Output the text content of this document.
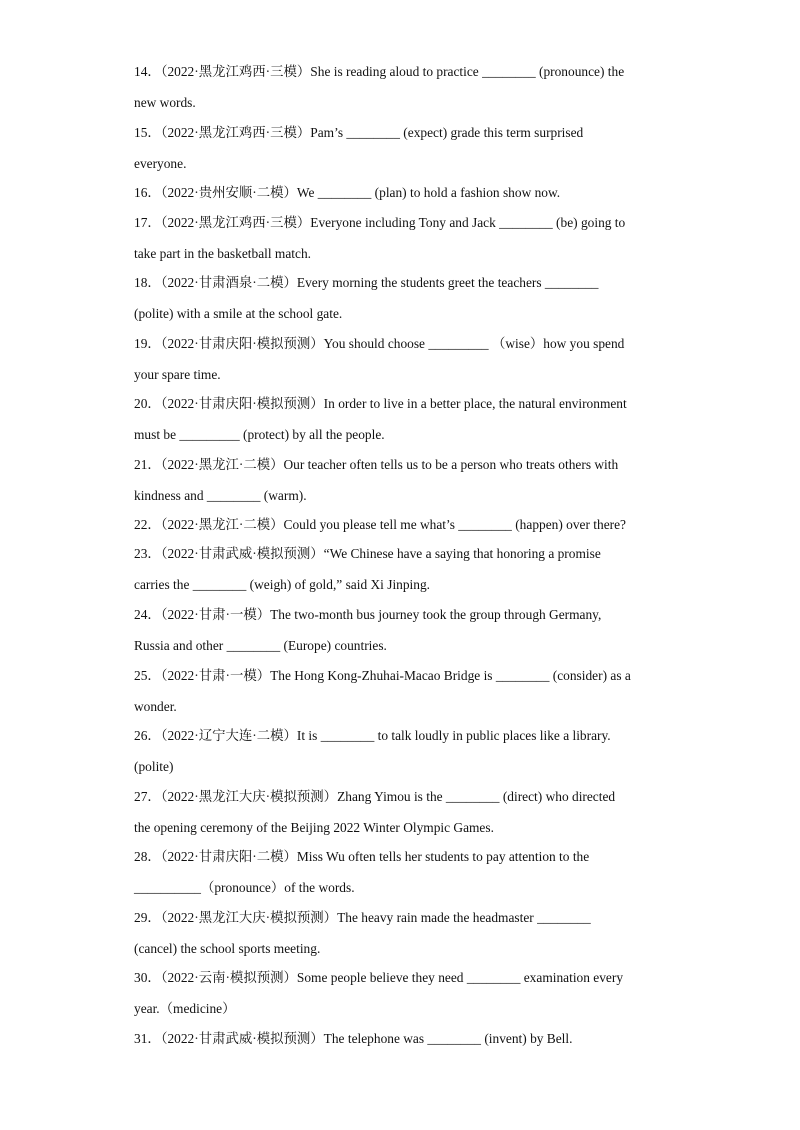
14．（2022·黑龙江鸡西·三模）She is reading aloud to practice ________ (pronounce) the
new words.
15．（2022·黑龙江鸡西·三模）Pam’s ________ (expect) grade this term surprised
everyone.
16．（2022·贵州安顺·二模）We ________ (plan) to hold a fashion show now.
17．（2022·黑龙江鸡西·三模）Everyone including Tony and Jack ________ (be) going to
take part in the basketball match.
18．（2022·甘肃酒泉·二模）Every morning the students greet the teachers ________
(polite) with a smile at the school gate.
19．（2022·甘肃庆阳·模拟预测）You should choose _________ （wise）how you spend
your spare time.
20．（2022·甘肃庆阳·模拟预测）In order to live in a better place, the natural environment
must be _________ (protect) by all the people.
21．（2022·黑龙江·二模）Our teacher often tells us to be a person who treats others with
kindness and ________ (warm).
22．（2022·黑龙江·二模）Could you please tell me what’s ________ (happen) over there?
23．（2022·甘肃武威·模拟预测）“We Chinese have a saying that honoring a promise
carries the ________ (weigh) of gold,” said Xi Jinping.
24．（2022·甘肃·一模）The two-month bus journey took the group through Germany,
Russia and other ________ (Europe) countries.
25．（2022·甘肃·一模）The Hong Kong-Zhuhai-Macao Bridge is ________ (consider) as a
wonder.
26．（2022·辽宁大连·二模）It is ________ to talk loudly in public places like a library.
(polite)
27．（2022·黑龙江大庆·模拟预测）Zhang Yimou is the ________ (direct) who directed
the opening ceremony of the Beijing 2022 Winter Olympic Games.
28．（2022·甘肃庆阳·二模）Miss Wu often tells her students to pay attention to the
__________（pronounce）of the words.
29．（2022·黑龙江大庆·模拟预测）The heavy rain made the headmaster ________
(cancel) the school sports meeting.
30．（2022·云南·模拟预测）Some people believe they need ________ examination every
year.（medicine）
31．（2022·甘肃武威·模拟预测）The telephone was ________ (invent) by Bell.
